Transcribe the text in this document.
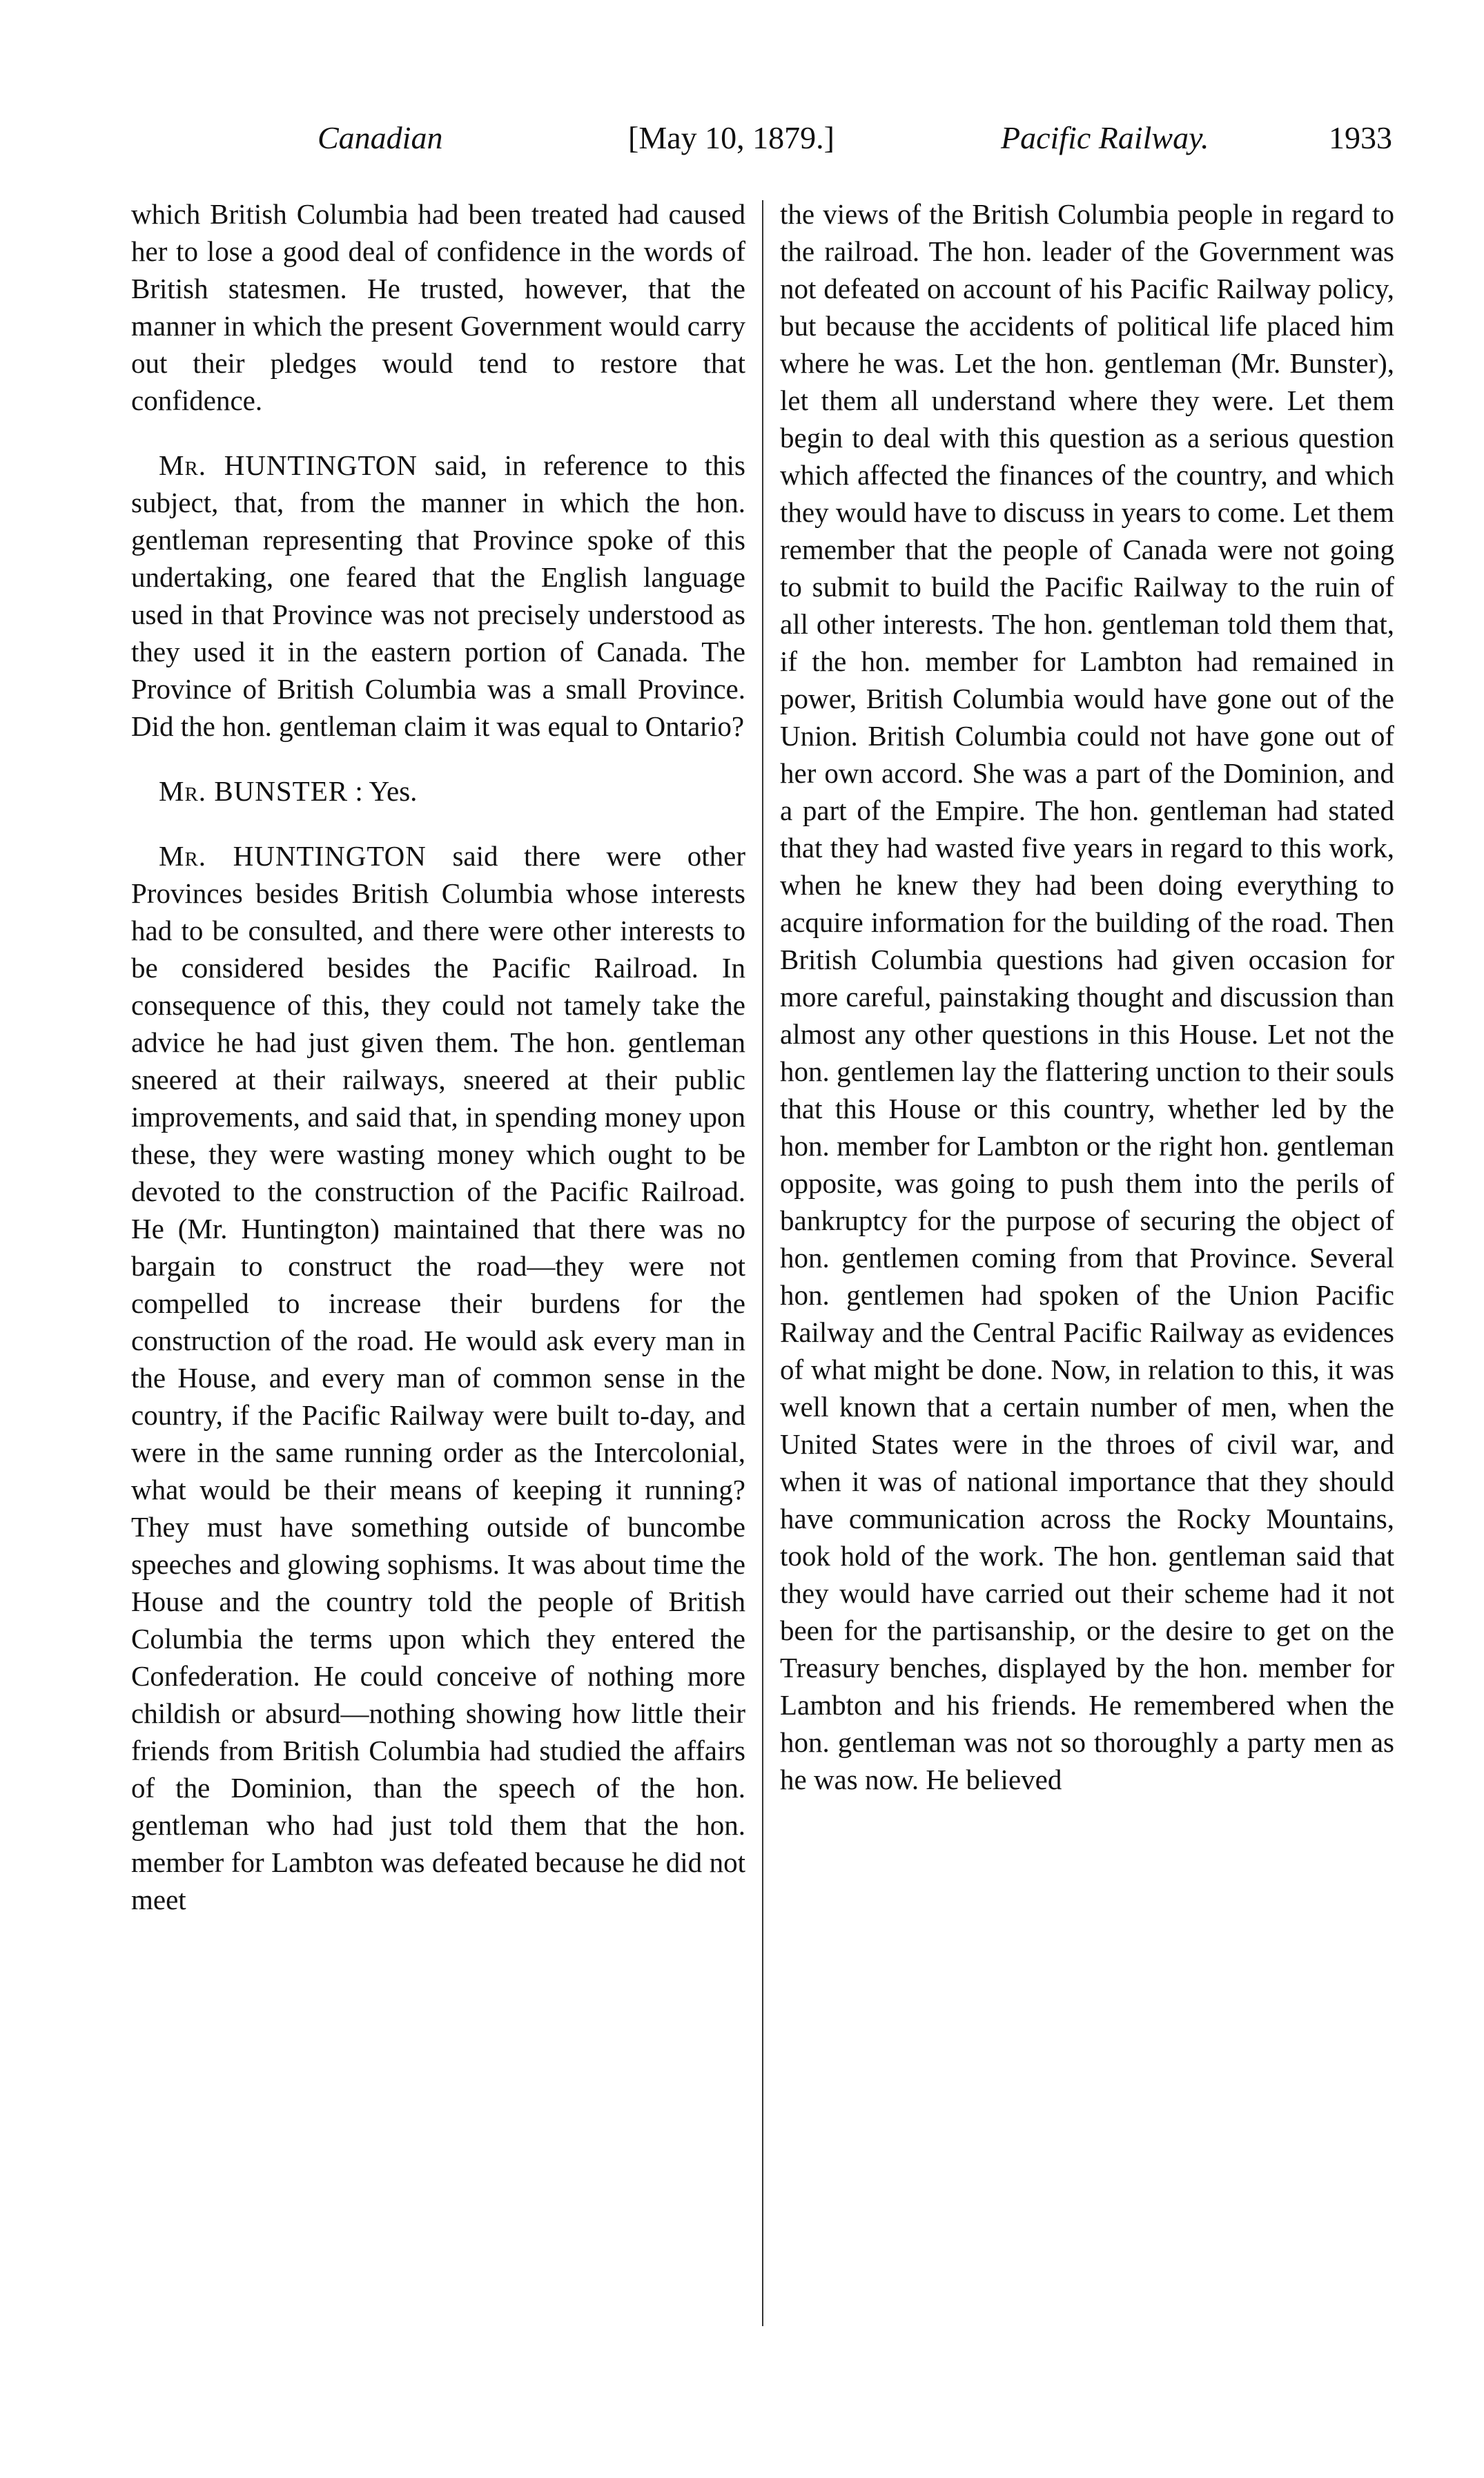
Canadian	[May 10, 1879.]	Pacific Railway.	1933

which British Columbia had been treated had caused her to lose a good deal of confidence in the words of British statesmen. He trusted, however, that the manner in which the present Government would carry out their pledges would tend to restore that confidence.

Mr. HUNTINGTON said, in reference to this subject, that, from the manner in which the hon. gentleman representing that Province spoke of this undertaking, one feared that the English language used in that Province was not precisely understood as they used it in the eastern portion of Canada. The Province of British Columbia was a small Province. Did the hon. gentleman claim it was equal to Ontario?

Mr. BUNSTER : Yes.

Mr. HUNTINGTON said there were other Provinces besides British Columbia whose interests had to be consulted, and there were other interests to be considered besides the Pacific Railroad. In consequence of this, they could not tamely take the advice he had just given them. The hon. gentleman sneered at their railways, sneered at their public improvements, and said that, in spending money upon these, they were wasting money which ought to be devoted to the construction of the Pacific Railroad. He (Mr. Huntington) maintained that there was no bargain to construct the road—they were not compelled to increase their burdens for the construction of the road. He would ask every man in the House, and every man of common sense in the country, if the Pacific Railway were built to-day, and were in the same running order as the Intercolonial, what would be their means of keeping it running? They must have something outside of buncombe speeches and glowing sophisms. It was about time the House and the country told the people of British Columbia the terms upon which they entered the Confederation. He could conceive of nothing more childish or absurd—nothing showing how little their friends from British Columbia had studied the affairs of the Dominion, than the speech of the hon. gentleman who had just told them that the hon. member for Lambton was defeated because he did not meet

the views of the British Columbia people in regard to the railroad. The hon. leader of the Government was not defeated on account of his Pacific Railway policy, but because the accidents of political life placed him where he was. Let the hon. gentleman (Mr. Bunster), let them all understand where they were. Let them begin to deal with this question as a serious question which affected the finances of the country, and which they would have to discuss in years to come. Let them remember that the people of Canada were not going to submit to build the Pacific Railway to the ruin of all other interests. The hon. gentleman told them that, if the hon. member for Lambton had remained in power, British Columbia would have gone out of the Union. British Columbia could not have gone out of her own accord. She was a part of the Dominion, and a part of the Empire. The hon. gentleman had stated that they had wasted five years in regard to this work, when he knew they had been doing everything to acquire information for the building of the road. Then British Columbia questions had given occasion for more careful, painstaking thought and discussion than almost any other questions in this House. Let not the hon. gentlemen lay the flattering unction to their souls that this House or this country, whether led by the hon. member for Lambton or the right hon. gentleman opposite, was going to push them into the perils of bankruptcy for the purpose of securing the object of hon. gentlemen coming from that Province. Several hon. gentlemen had spoken of the Union Pacific Railway and the Central Pacific Railway as evidences of what might be done. Now, in relation to this, it was well known that a certain number of men, when the United States were in the throes of civil war, and when it was of national importance that they should have communication across the Rocky Mountains, took hold of the work. The hon. gentleman said that they would have carried out their scheme had it not been for the partisanship, or the desire to get on the Treasury benches, displayed by the hon. member for Lambton and his friends. He remembered when the hon. gentleman was not so thoroughly a party men as he was now. He believed
